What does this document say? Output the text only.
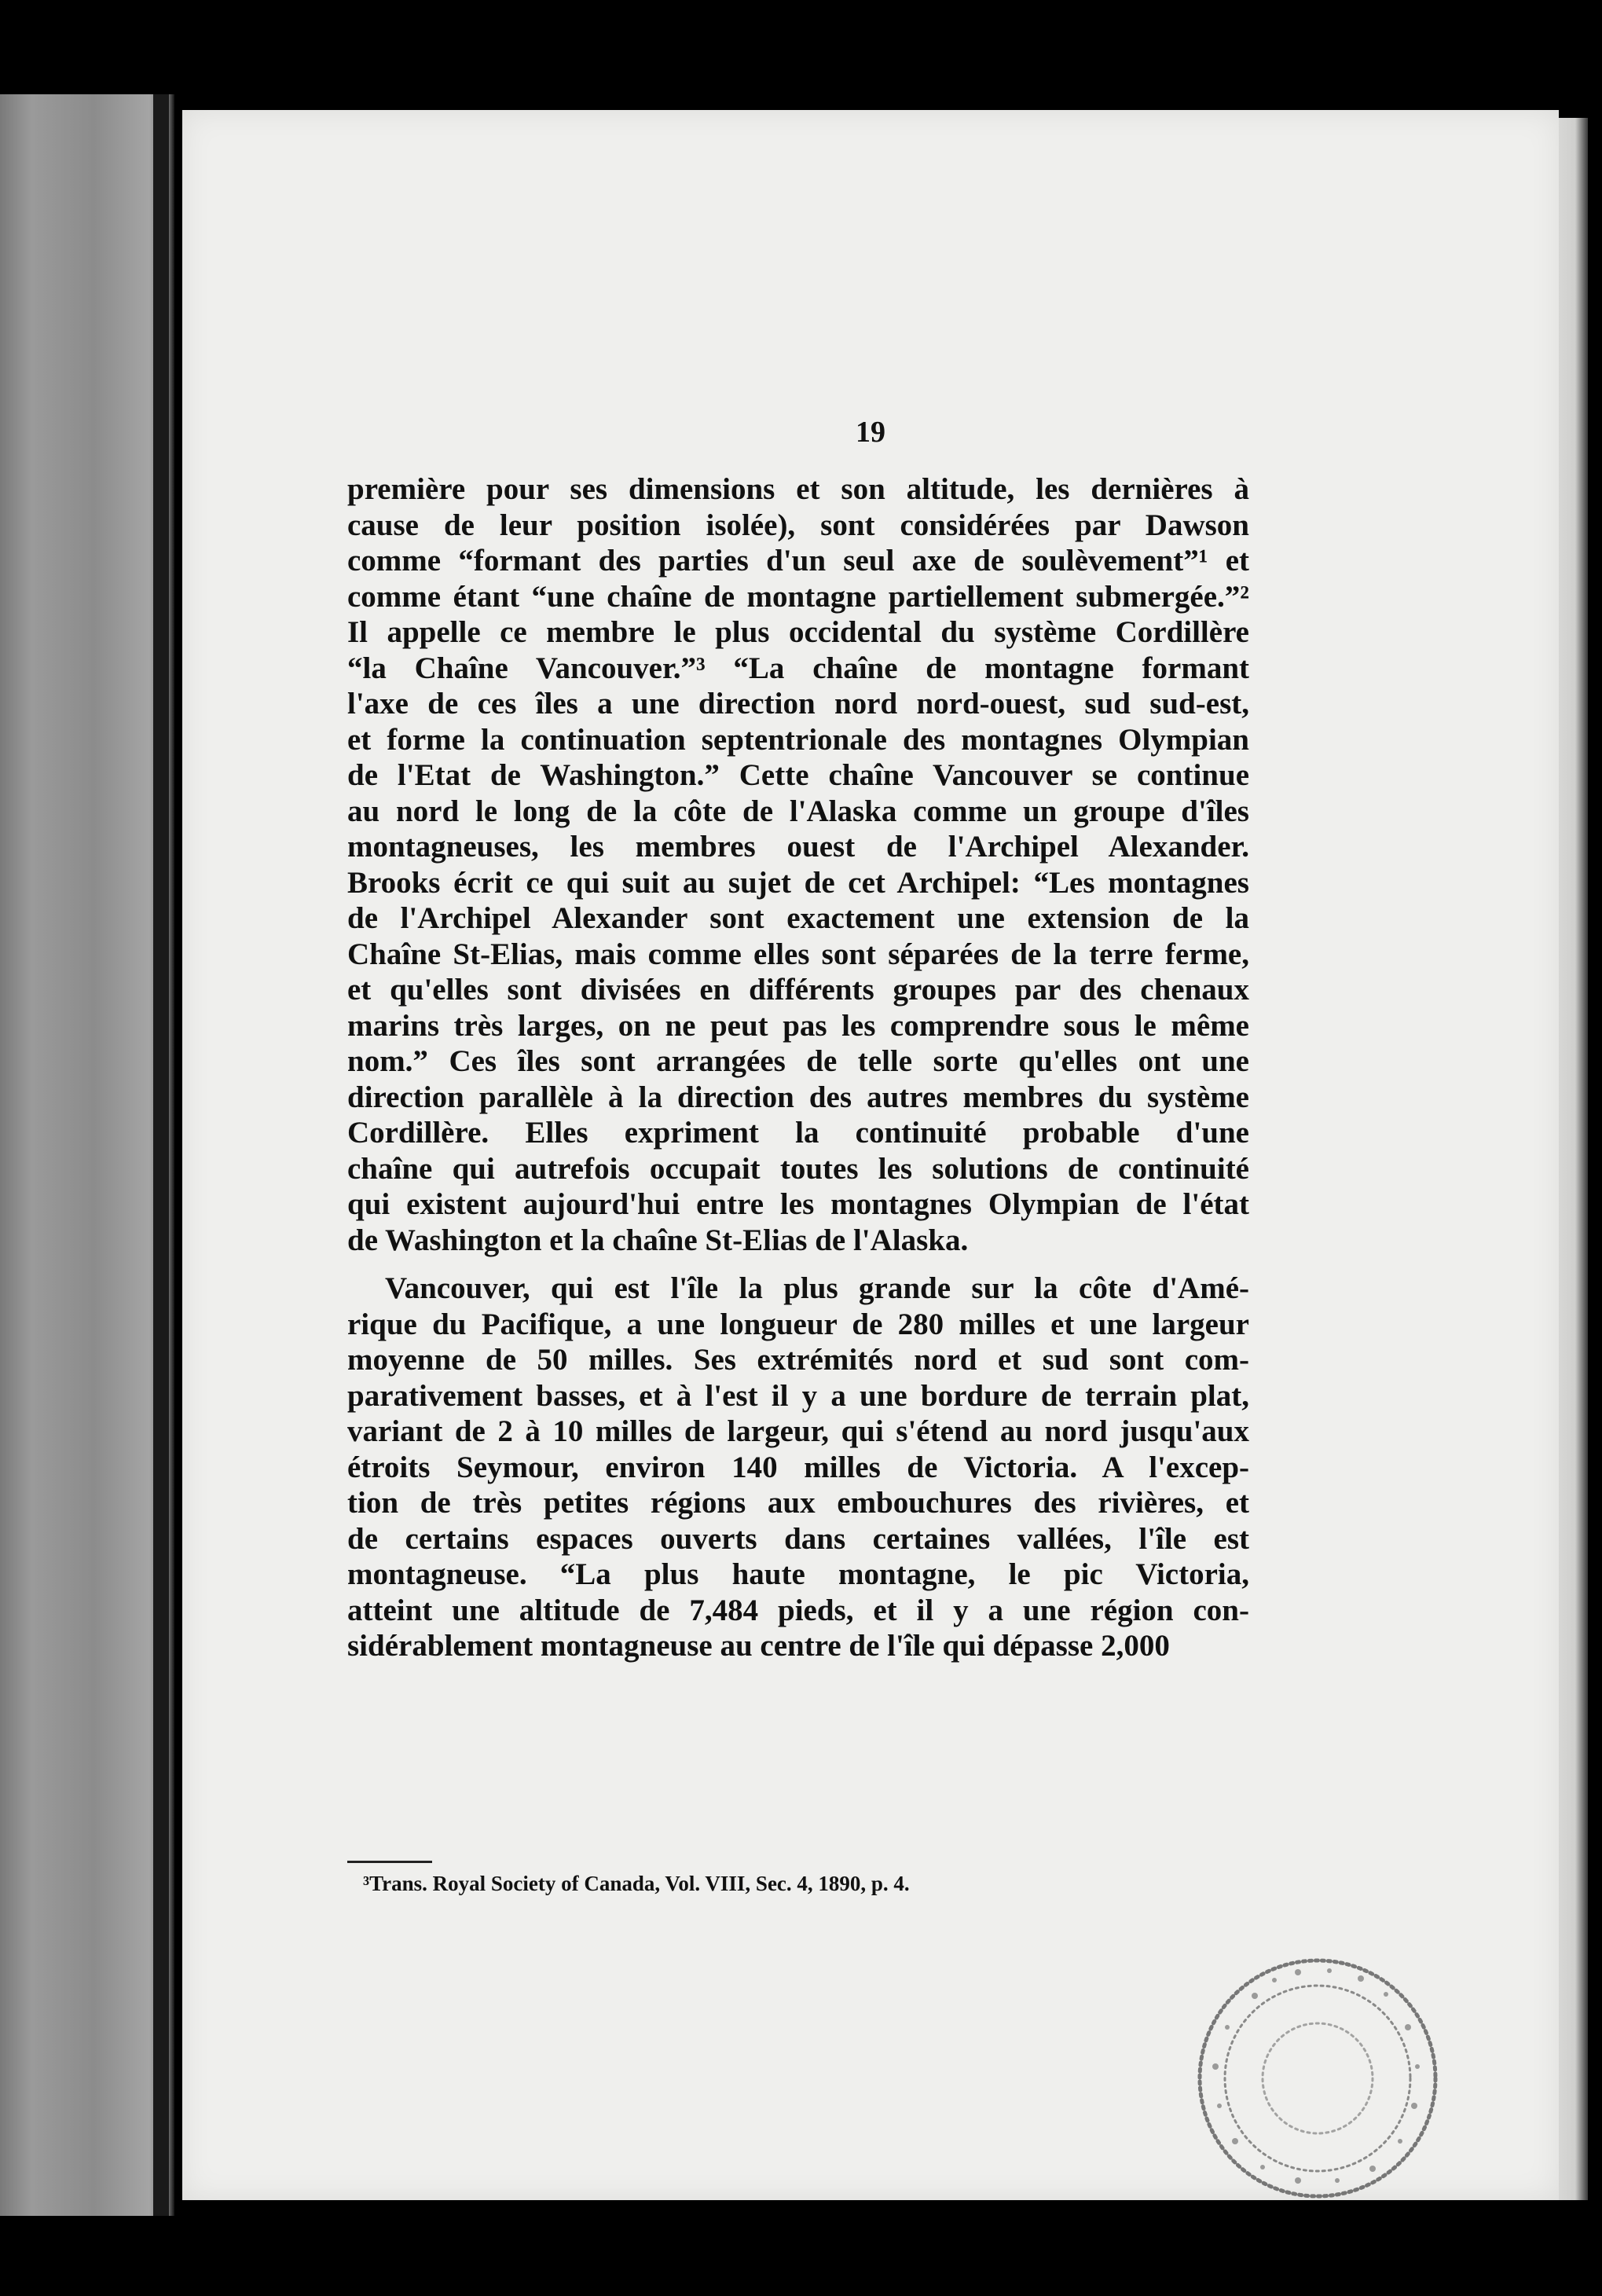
19
première pour ses dimensions et son altitude, les dernières à
cause de leur position isolée), sont considérées par Dawson
comme “formant des parties d'un seul axe de soulèvement”¹ et
comme étant “une chaîne de montagne partiellement submergée.”²
Il appelle ce membre le plus occidental du système Cordillère
“la Chaîne Vancouver.”³ “La chaîne de montagne formant
l'axe de ces îles a une direction nord nord-ouest, sud sud-est,
et forme la continuation septentrionale des montagnes Olympian
de l'Etat de Washington.” Cette chaîne Vancouver se continue
au nord le long de la côte de l'Alaska comme un groupe d'îles
montagneuses, les membres ouest de l'Archipel Alexander.
Brooks écrit ce qui suit au sujet de cet Archipel: “Les montagnes
de l'Archipel Alexander sont exactement une extension de la
Chaîne St-Elias, mais comme elles sont séparées de la terre ferme,
et qu'elles sont divisées en différents groupes par des chenaux
marins très larges, on ne peut pas les comprendre sous le même
nom.” Ces îles sont arrangées de telle sorte qu'elles ont une
direction parallèle à la direction des autres membres du système
Cordillère. Elles expriment la continuité probable d'une
chaîne qui autrefois occupait toutes les solutions de continuité
qui existent aujourd'hui entre les montagnes Olympian de l'état
de Washington et la chaîne St-Elias de l'Alaska.
Vancouver, qui est l'île la plus grande sur la côte d'Amé-
rique du Pacifique, a une longueur de 280 milles et une largeur
moyenne de 50 milles. Ses extrémités nord et sud sont com-
parativement basses, et à l'est il y a une bordure de terrain plat,
variant de 2 à 10 milles de largeur, qui s'étend au nord jusqu'aux
étroits Seymour, environ 140 milles de Victoria. A l'excep-
tion de très petites régions aux embouchures des rivières, et
de certains espaces ouverts dans certaines vallées, l'île est
montagneuse. “La plus haute montagne, le pic Victoria,
atteint une altitude de 7,484 pieds, et il y a une région con-
sidérablement montagneuse au centre de l'île qui dépasse 2,000
³Trans. Royal Society of Canada, Vol. VIII, Sec. 4, 1890, p. 4.
